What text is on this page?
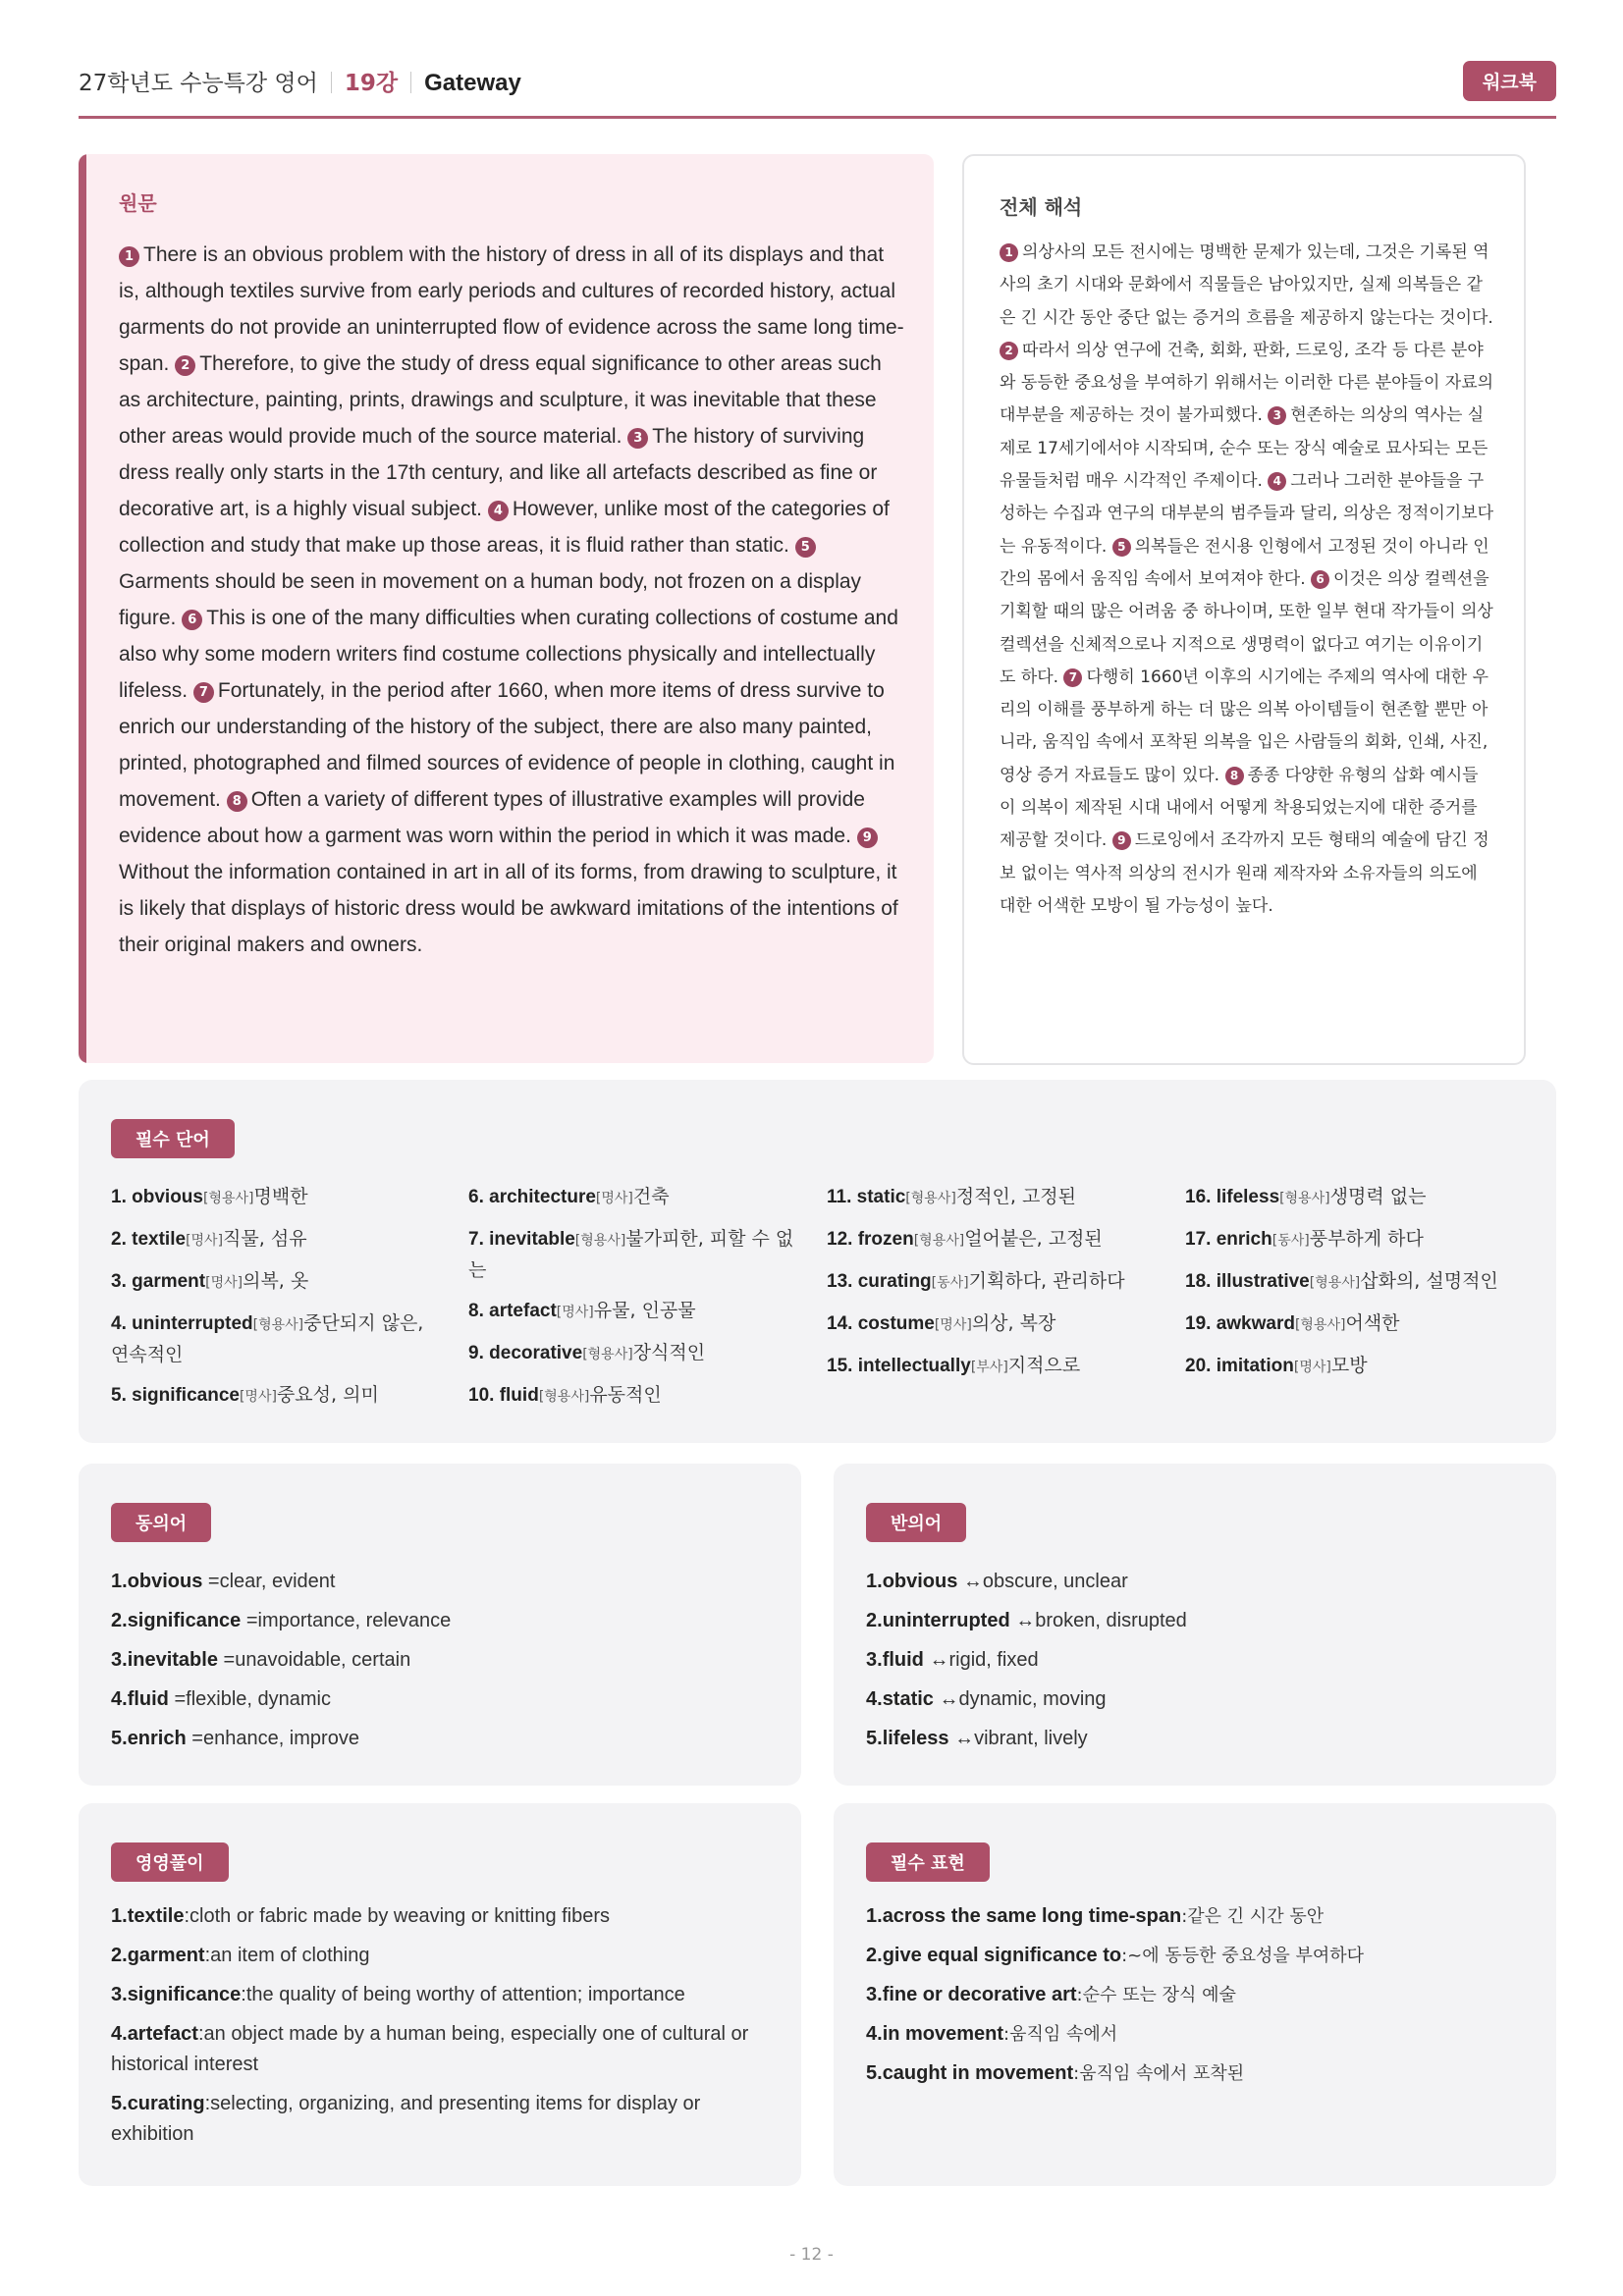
27학년도 수능특강 영어 19강 Gateway	워크북
원문
1 There is an obvious problem with the history of dress in all of its displays and that is, although textiles survive from early periods and cultures of recorded history, actual garments do not provide an uninterrupted flow of evidence across the same long time-span. 2 Therefore, to give the study of dress equal significance to other areas such as architecture, painting, prints, drawings and sculpture, it was inevitable that these other areas would provide much of the source material. 3 The history of surviving dress really only starts in the 17th century, and like all artefacts described as fine or decorative art, is a highly visual subject. 4 However, unlike most of the categories of collection and study that make up those areas, it is fluid rather than static. 5Garments should be seen in movement on a human body, not frozen on a display figure. 6 This is one of the many difficulties when curating collections of costume and also why some modern writers find costume collections physically and intellectually lifeless. 7 Fortunately, in the period after 1660, when more items of dress survive to enrich our understanding of the history of the subject, there are also many painted, printed, photographed and filmed sources of evidence of people in clothing, caught in movement. 8 Often a variety of different types of illustrative examples will provide evidence about how a garment was worn within the period in which it was made. 9Without the information contained in art in all of its forms, from drawing to sculpture, it is likely that displays of historic dress would be awkward imitations of the intentions of their original makers and owners.
전체 해석
1 의상사의 모든 전시에는 명백한 문제가 있는데, 그것은 기록된 역사의 초기 시대와 문화에서 직물들은 남아있지만, 실제 의복들은 같은 긴 시간 동안 중단 없는 증거의 흐름을 제공하지 않는다는 것이다. 2 따라서 의상 연구에 건축, 회화, 판화, 드로잉, 조각 등 다른 분야와 동등한 중요성을 부여하기 위해서는 이러한 다른 분야들이 자료의 대부분을 제공하는 것이 불가피했다. 3 현존하는 의상의 역사는 실제로 17세기에서야 시작되며, 순수 또는 장식 예술로 묘사되는 모든 유물들처럼 매우 시각적인 주제이다. 4 그러나 그러한 분야들을 구성하는 수집과 연구의 대부분의 범주들과 달리, 의상은 정적이기보다는 유동적이다. 5 의복들은 전시용 인형에서 고정된 것이 아니라 인간의 몸에서 움직임 속에서 보여져야 한다. 6 이것은 의상 컬렉션을 기획할 때의 많은 어려움 중 하나이며, 또한 일부 현대 작가들이 의상 컬렉션을 신체적으로나 지적으로 생명력이 없다고 여기는 이유이기도 하다. 7 다행히 1660년 이후의 시기에는 주제의 역사에 대한 우리의 이해를 풍부하게 하는 더 많은 의복 아이템들이 현존할 뿐만 아니라, 움직임 속에서 포착된 의복을 입은 사람들의 회화, 인쇄, 사진, 영상 증거 자료들도 많이 있다. 8 종종 다양한 유형의 삽화 예시들이 의복이 제작된 시대 내에서 어떻게 착용되었는지에 대한 증거를 제공할 것이다. 9 드로잉에서 조각까지 모든 형태의 예술에 담긴 정보 없이는 역사적 의상의 전시가 원래 제작자와 소유자들의 의도에 대한 어색한 모방이 될 가능성이 높다.
필수 단어
1. obvious[형용사]명백한
2. textile[명사]직물, 섬유
3. garment[명사]의복, 옷
4. uninterrupted[형용사]중단되지 않은, 연속적인
5. significance[명사]중요성, 의미
6. architecture[명사]건축
7. inevitable[형용사]불가피한, 피할 수 없는
8. artefact[명사]유물, 인공물
9. decorative[형용사]장식적인
10. fluid[형용사]유동적인
11. static[형용사]정적인, 고정된
12. frozen[형용사]얼어붙은, 고정된
13. curating[동사]기획하다, 관리하다
14. costume[명사]의상, 복장
15. intellectually[부사]지적으로
16. lifeless[형용사]생명력 없는
17. enrich[동사]풍부하게 하다
18. illustrative[형용사]삽화의, 설명적인
19. awkward[형용사]어색한
20. imitation[명사]모방
동의어
1.obvious =clear, evident
2.significance =importance, relevance
3.inevitable =unavoidable, certain
4.fluid =flexible, dynamic
5.enrich =enhance, improve
반의어
1.obvious ↔obscure, unclear
2.uninterrupted ↔broken, disrupted
3.fluid ↔rigid, fixed
4.static ↔dynamic, moving
5.lifeless ↔vibrant, lively
영영풀이
1.textile:cloth or fabric made by weaving or knitting fibers
2.garment:an item of clothing
3.significance:the quality of being worthy of attention; importance
4.artefact:an object made by a human being, especially one of cultural or historical interest
5.curating:selecting, organizing, and presenting items for display or exhibition
필수 표현
1.across the same long time-span:같은 긴 시간 동안
2.give equal significance to:~에 동등한 중요성을 부여하다
3.fine or decorative art:순수 또는 장식 예술
4.in movement:움직임 속에서
5.caught in movement:움직임 속에서 포착된
- 12 -
